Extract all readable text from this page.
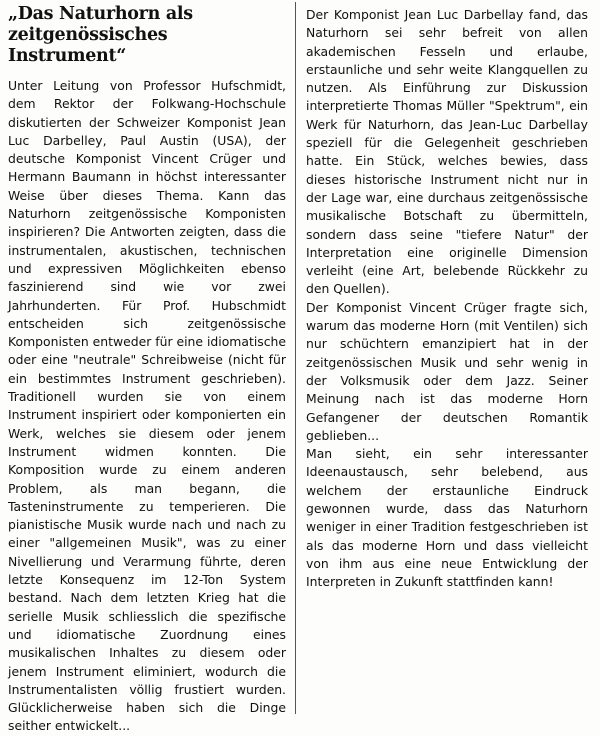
„Das Naturhorn als zeitgenössisches Instrument“

Unter Leitung von Professor Hufschmidt, dem Rektor der Folkwang-Hochschule diskutierten der Schweizer Komponist Jean Luc Darbelley, Paul Austin (USA), der deutsche Komponist Vincent Crüger und Hermann Baumann in höchst interessanter Weise über dieses Thema. Kann das Naturhorn zeitgenössische Komponisten inspirieren? Die Antworten zeigten, dass die instrumentalen, akustischen, technischen und expressiven Möglichkeiten ebenso faszinierend sind wie vor zwei Jahrhunderten. Für Prof. Hubschmidt entscheiden sich zeitgenössische Komponisten entweder für eine idiomatische oder eine "neutrale" Schreibweise (nicht für ein bestimmtes Instrument geschrieben). Traditionell wurden sie von einem Instrument inspiriert oder komponierten ein Werk, welches sie diesem oder jenem Instrument widmen konnten. Die Komposition wurde zu einem anderen Problem, als man begann, die Tasteninstrumente zu temperieren. Die pianistische Musik wurde nach und nach zu einer "allgemeinen Musik", was zu einer Nivellierung und Verarmung führte, deren letzte Konsequenz im 12-Ton System bestand. Nach dem letzten Krieg hat die serielle Musik schliesslich die spezifische und idiomatische Zuordnung eines musikalischen Inhaltes zu diesem oder jenem Instrument eliminiert, wodurch die Instrumentalisten völlig frustiert wurden. Glücklicherweise haben sich die Dinge seither entwickelt...

Der Komponist Jean Luc Darbellay fand, das Naturhorn sei sehr befreit von allen akademischen Fesseln und erlaube, erstaunliche und sehr weite Klangquellen zu nutzen. Als Einführung zur Diskussion interpretierte Thomas Müller "Spektrum", ein Werk für Naturhorn, das Jean-Luc Darbellay speziell für die Gelegenheit geschrieben hatte. Ein Stück, welches bewies, dass dieses historische Instrument nicht nur in der Lage war, eine durchaus zeitgenössische musikalische Botschaft zu übermitteln, sondern dass seine "tiefere Natur" der Interpretation eine originelle Dimension verleiht (eine Art, belebende Rückkehr zu den Quellen).

Der Komponist Vincent Crüger fragte sich, warum das moderne Horn (mit Ventilen) sich nur schüchtern emanzipiert hat in der zeitgenössischen Musik und sehr wenig in der Volksmusik oder dem Jazz. Seiner Meinung nach ist das moderne Horn Gefangener der deutschen Romantik geblieben...

Man sieht, ein sehr interessanter Ideenaustausch, sehr belebend, aus welchem der erstaunliche Eindruck gewonnen wurde, dass das Naturhorn weniger in einer Tradition festgeschrieben ist als das moderne Horn und dass vielleicht von ihm aus eine neue Entwicklung der Interpreten in Zukunft stattfinden kann!
